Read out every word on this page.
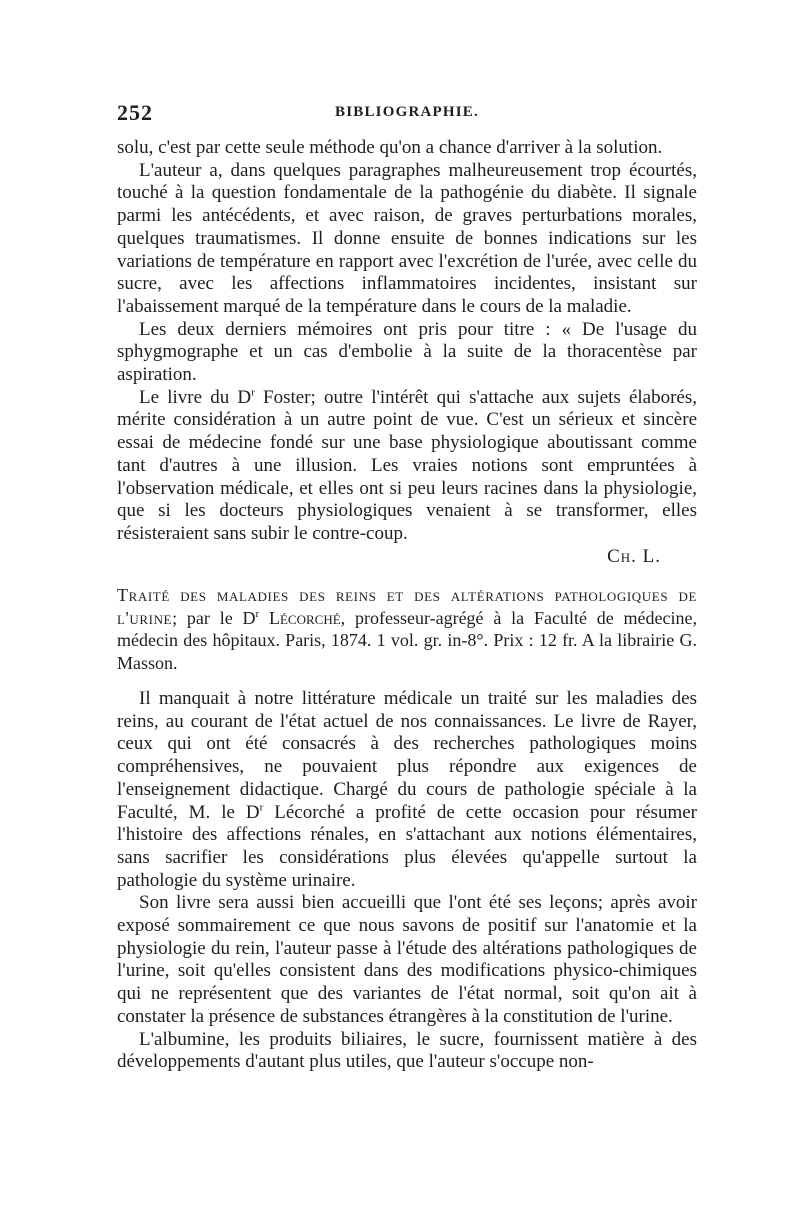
252	BIBLIOGRAPHIE.

solu, c'est par cette seule méthode qu'on a chance d'arriver à la solution.

L'auteur a, dans quelques paragraphes malheureusement trop écourtés, touché à la question fondamentale de la pathogénie du diabète. Il signale parmi les antécédents, et avec raison, de graves perturbations morales, quelques traumatismes. Il donne ensuite de bonnes indications sur les variations de température en rapport avec l'excrétion de l'urée, avec celle du sucre, avec les affections inflammatoires incidentes, insistant sur l'abaissement marqué de la température dans le cours de la maladie.

Les deux derniers mémoires ont pris pour titre : « De l'usage du sphygmographe et un cas d'embolie à la suite de la thoracentèse par aspiration.

Le livre du $D^r$ Foster; outre l'intérêt qui s'attache aux sujets élaborés, mérite considération à un autre point de vue. C'est un sérieux et sincère essai de médecine fondé sur une base physiologique aboutissant comme tant d'autres à une illusion. Les vraies notions sont empruntées à l'observation médicale, et elles ont si peu leurs racines dans la physiologie, que si les docteurs physiologiques venaient à se transformer, elles résisteraient sans subir le contre-coup.

Ch. L.

Traité des maladies des reins et des altérations pathologiques de l'urine; par le $D^r$ Lécorché, professeur-agrégé à la Faculté de médecine, médecin des hôpitaux. Paris, 1874. 1 vol. gr. in-8°. Prix : 12 fr. A la librairie G. Masson.

Il manquait à notre littérature médicale un traité sur les maladies des reins, au courant de l'état actuel de nos connaissances. Le livre de Rayer, ceux qui ont été consacrés à des recherches pathologiques moins compréhensives, ne pouvaient plus répondre aux exigences de l'enseignement didactique. Chargé du cours de pathologie spéciale à la Faculté, M. le $D^r$ Lécorché a profité de cette occasion pour résumer l'histoire des affections rénales, en s'attachant aux notions élémentaires, sans sacrifier les considérations plus élevées qu'appelle surtout la pathologie du système urinaire.

Son livre sera aussi bien accueilli que l'ont été ses leçons; après avoir exposé sommairement ce que nous savons de positif sur l'anatomie et la physiologie du rein, l'auteur passe à l'étude des altérations pathologiques de l'urine, soit qu'elles consistent dans des modifications physico-chimiques qui ne représentent que des variantes de l'état normal, soit qu'on ait à constater la présence de substances étrangères à la constitution de l'urine.

L'albumine, les produits biliaires, le sucre, fournissent matière à des développements d'autant plus utiles, que l'auteur s'occupe non-
